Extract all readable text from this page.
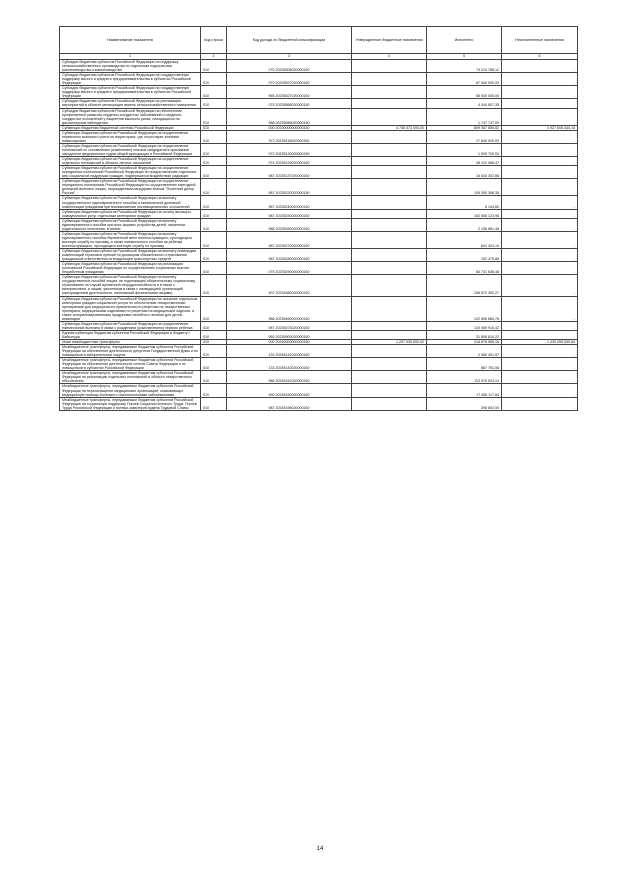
Наименование показателя	Код строки	Код дохода по бюджетной классификации	Утвержденные бюджетные назначения	Исполнено	Неисполненные назначения
1	2	3	4	5	6
Субсидии бюджетам субъектов Российской Федерации на поддержку сельскохозяйственного производства по отдельным подотраслям растениеводства и животноводства	010	075 20235508020000150		74 124 788,12	-
Субсидии бюджетам субъектов Российской Федерации на государственную поддержку малого и среднего предпринимательства в субъектах Российской Федерации	010	979 20225527020000150		87 540 000,00	-
Субсидии бюджетам субъектов Российской Федерации на государственную поддержку малого и среднего предпринимательства в субъектах Российской Федерации	010	965 20235527020000150		58 540 000,00	-
Субсидии бюджетам субъектов Российской Федерации на реализацию мероприятий в области мелиорации земель сельскохозяйственного назначения	010	075 20235568020000150		4 344 607,35	-
Субсидии бюджетам субъектов Российской Федерации на обеспечение профилактики развития сердечно-сосудистых заболеваний и сердечно-сосудистых осложнений у пациентов высокого риска, находящихся на диспансерном наблюдении	010	988 20235586020000150		1 747 747,09	-
Субвенции бюджетам бюджетной системы Российской Федерации	010	000 20230000000000150	4 736 573 000,00	809 367 655,82	3 927 605 344,18
Субвенции бюджетам субъектов Российской Федерации на осуществление первичного воинского учета на территориях, где отсутствуют военные комиссариаты	010	972 20235118020000150		17 640 000,00	-
Субвенции бюджетам субъектов Российской Федерации на осуществление полномочий по составлению (изменению) списков кандидатов в присяжные заседатели федеральных судов общей юрисдикции в Российской Федерации	010	972 20235120020000150		1 505 700,00	-
Субвенции бюджетам субъектов Российской Федерации на осуществление отдельных полномочий в области лесных отношений	010	974 20235129020000150		48 122 468,47	-
Субвенции бюджетам субъектов Российской Федерации на осуществление переданных полномочий Российской Федерации по предоставлению отдельных мер социальной поддержки граждан, подвергшихся воздействию радиации	010	987 20235137020000150		16 543 302,88	-
Субвенции бюджетам субъектов Российской Федерации на осуществление переданного полномочия Российской Федерации по осуществлению ежегодной денежной выплаты лицам, награжденным нагрудным знаком "Почетный донор России"	010	987 20235220020000150		105 350 388,35	-
Субвенции бюджетам субъектов Российской Федерации на выплату государственного единовременного пособия и ежемесячной денежной компенсации гражданам при возникновении поствакцинальных осложнений	010	987 20235240020000150		6 144,60	-
Субвенции бюджетам субъектов Российской Федерации на оплату жилищно-коммунальных услуг отдельным категориям граждан	010	987 20235250020000150		163 068 123,96	-
Субвенции бюджетам субъектов Российской Федерации на выплату единовременного пособия при всех формах устройства детей, лишенных родительского попечения, в семью	010	988 20235260020000150		2 158 881,48	-
Субвенции бюджетам субъектов Российской Федерации на выплату единовременного пособия беременной жене военнослужащего, проходящего военную службу по призыву, а также ежемесячного пособия на ребенка военнослужащего, проходящего военную службу по призыву	010	987 20235270020000150		841 423,19	-
Субвенции бюджетам субъектов Российской Федерации на выплату инвалидам компенсаций страховых премий по договорам обязательного страхования гражданской ответственности владельцев транспортных средств	010	987 20235280020000150		152 475,86	-
Субвенции бюджетам субъектов Российской Федерации на реализацию полномочий Российской Федерации по осуществлению социальных выплат безработным гражданам	010	075 20235290020000150		84 731 638,48	-
Субвенции бюджетам субъектов Российской Федерации на выплату государственных пособий лицам, не подлежащим обязательному социальному страхованию на случай временной нетрудоспособности и в связи с материнством, и лицам, уволенным в связи с ликвидацией организаций (прекращением деятельности, полномочий физическими лицами)	010	907 20235380020000150		106 672 392,27	-
Субвенции бюджетам субъектов Российской Федерации на оказание отдельным категориям граждан социальной услуги по обеспечению лекарственными препаратами для медицинского применения по рецептам на лекарственные препараты, медицинскими изделиями по рецептам на медицинские изделия, а также специализированными продуктами лечебного питания для детей-инвалидов	010	986 20235460020000150		122 896 685,78	-
Субвенции бюджетам субъектов Российской Федерации на осуществление ежемесячной выплаты в связи с рождением (усыновлением) первого ребенка	010	987 20235573020000150		110 459 915,42	-
Единая субвенция бюджетам субъектов Российской Федерации и бюджету г. Байконура	010	965 20235900020000150		31 808 810,22	-
Иные межбюджетные трансферты	010	000 20240000000000150	1 257 935 500,00	218 876 969,16	1 039 059 530,84
Межбюджетные трансферты, передаваемые бюджетам субъектов Российской Федерации на обеспечение деятельности депутатов Государственной Думы и их помощников в избирательных округах	010	133 20245141020000150		2 960 451,97	-
Межбюджетные трансферты, передаваемые бюджетам субъектов Российской Федерации на обеспечение деятельности членов Совета Федерации и их помощников в субъектах Российской Федерации	010	133 20245142020000150		887 761,58	-
Межбюджетные трансферты, передаваемые бюджетам субъектов Российской Федерации на реализацию отдельных полномочий в области лекарственного обеспечения	010	986 20245161020000150		113 975 524,14	-
Межбюджетные трансферты, передаваемые бюджетам субъектов Российской Федерации на переоснащение медицинских организаций, оказывающих медицинскую помощь больным с онкологическими заболеваниями	010	990 20245190020000150		17 266 117,84	-
Межбюджетные трансферты, передаваемые бюджетам субъектов Российской Федерации на социальную поддержку Героев Социалистического Труда, Героев Труда Российской Федерации и полных кавалеров ордена Трудовой Славы	010	987 20245198020000150		298 802,00	-
14
